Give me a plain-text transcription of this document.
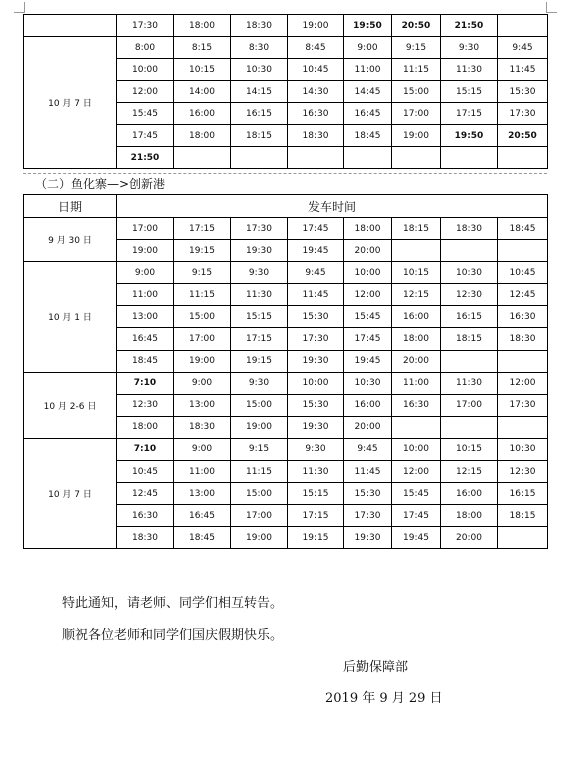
	17:30	18:00	18:30	19:00	19:50	20:50	21:50	
10 月 7 日	8:00	8:15	8:30	8:45	9:00	9:15	9:30	9:45
	10:00	10:15	10:30	10:45	11:00	11:15	11:30	11:45
	12:00	14:00	14:15	14:30	14:45	15:00	15:15	15:30
	15:45	16:00	16:15	16:30	16:45	17:00	17:15	17:30
	17:45	18:00	18:15	18:30	18:45	19:00	19:50	20:50
	21:50							
（二）鱼化寨—>创新港
日期	发车时间							
9 月 30 日	17:00	17:15	17:30	17:45	18:00	18:15	18:30	18:45
	19:00	19:15	19:30	19:45	20:00			
10 月 1 日	9:00	9:15	9:30	9:45	10:00	10:15	10:30	10:45
	11:00	11:15	11:30	11:45	12:00	12:15	12:30	12:45
	13:00	15:00	15:15	15:30	15:45	16:00	16:15	16:30
	16:45	17:00	17:15	17:30	17:45	18:00	18:15	18:30
	18:45	19:00	19:15	19:30	19:45	20:00		
10 月 2-6 日	7:10	9:00	9:30	10:00	10:30	11:00	11:30	12:00
	12:30	13:00	15:00	15:30	16:00	16:30	17:00	17:30
	18:00	18:30	19:00	19:30	20:00			
10 月 7 日	7:10	9:00	9:15	9:30	9:45	10:00	10:15	10:30
	10:45	11:00	11:15	11:30	11:45	12:00	12:15	12:30
	12:45	13:00	15:00	15:15	15:30	15:45	16:00	16:15
	16:30	16:45	17:00	17:15	17:30	17:45	18:00	18:15
	18:30	18:45	19:00	19:15	19:30	19:45	20:00	
特此通知，请老师、同学们相互转告。
顺祝各位老师和同学们国庆假期快乐。
后勤保障部
2019 年 9 月 29 日
